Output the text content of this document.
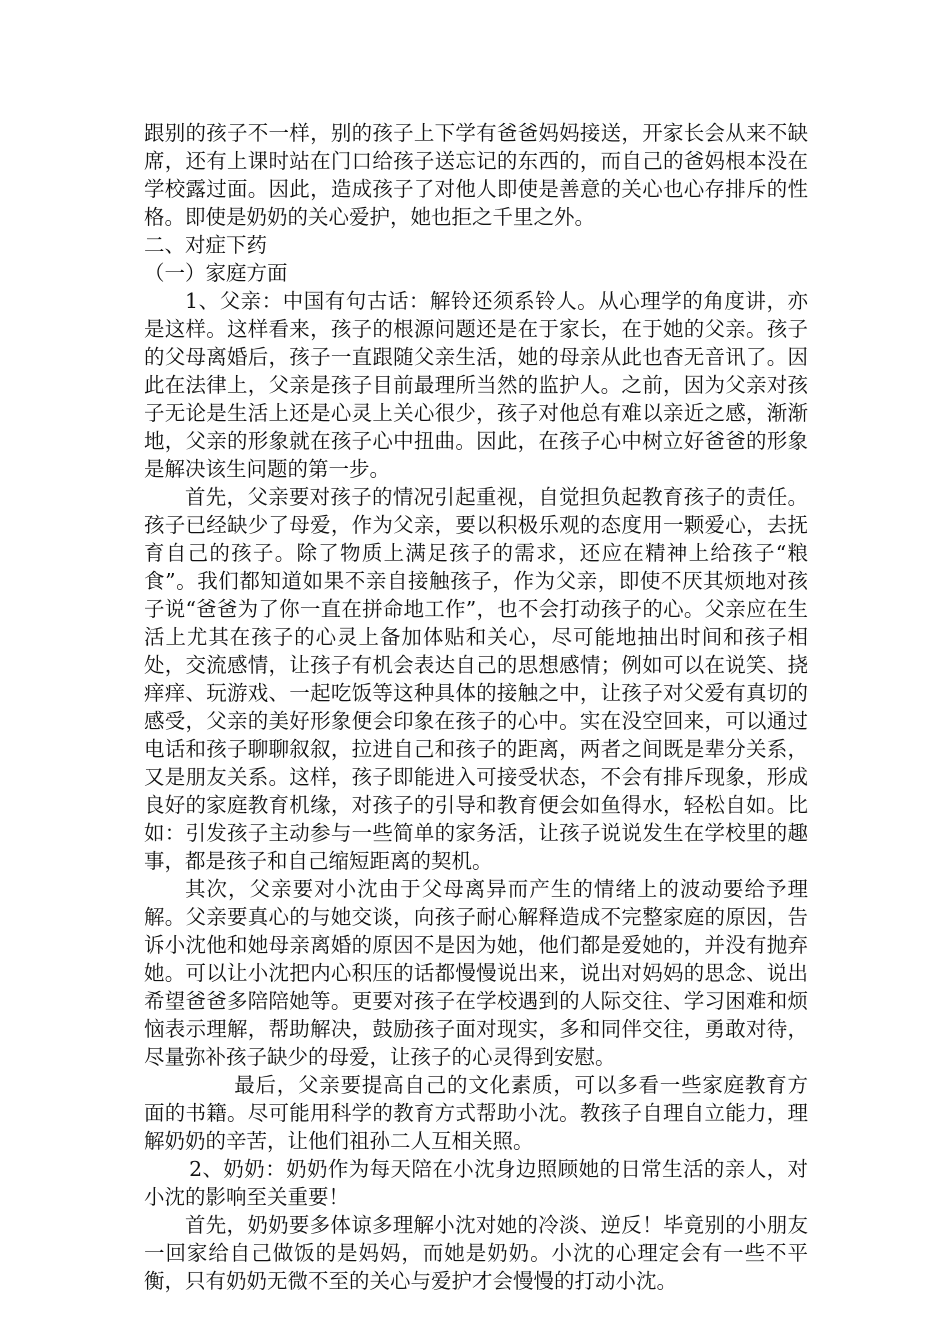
跟别的孩子不一样，别的孩子上下学有爸爸妈妈接送，开家长会从来不缺席，还有上课时站在门口给孩子送忘记的东西的，而自己的爸妈根本没在学校露过面。因此，造成孩子了对他人即使是善意的关心也心存排斥的性格。即使是奶奶的关心爱护，她也拒之千里之外。

二、对症下药

（一）家庭方面

1、父亲：中国有句古话：解铃还须系铃人。从心理学的角度讲，亦是这样。这样看来，孩子的根源问题还是在于家长，在于她的父亲。孩子的父母离婚后，孩子一直跟随父亲生活，她的母亲从此也杳无音讯了。因此在法律上，父亲是孩子目前最理所当然的监护人。之前，因为父亲对孩子无论是生活上还是心灵上关心很少，孩子对他总有难以亲近之感，渐渐地，父亲的形象就在孩子心中扭曲。因此，在孩子心中树立好爸爸的形象是解决该生问题的第一步。

首先，父亲要对孩子的情况引起重视，自觉担负起教育孩子的责任。孩子已经缺少了母爱，作为父亲，要以积极乐观的态度用一颗爱心，去抚育自己的孩子。除了物质上满足孩子的需求，还应在精神上给孩子“粮食”。我们都知道如果不亲自接触孩子，作为父亲，即使不厌其烦地对孩子说“爸爸为了你一直在拼命地工作”，也不会打动孩子的心。父亲应在生活上尤其在孩子的心灵上备加体贴和关心，尽可能地抽出时间和孩子相处，交流感情，让孩子有机会表达自己的思想感情；例如可以在说笑、挠痒痒、玩游戏、一起吃饭等这种具体的接触之中，让孩子对父爱有真切的感受，父亲的美好形象便会印象在孩子的心中。实在没空回来，可以通过电话和孩子聊聊叙叙，拉进自己和孩子的距离，两者之间既是辈分关系，又是朋友关系。这样，孩子即能进入可接受状态，不会有排斥现象，形成良好的家庭教育机缘，对孩子的引导和教育便会如鱼得水，轻松自如。比如：引发孩子主动参与一些简单的家务活，让孩子说说发生在学校里的趣事，都是孩子和自己缩短距离的契机。

其次，父亲要对小沈由于父母离异而产生的情绪上的波动要给予理解。父亲要真心的与她交谈，向孩子耐心解释造成不完整家庭的原因，告诉小沈他和她母亲离婚的原因不是因为她，他们都是爱她的，并没有抛弃她。可以让小沈把内心积压的话都慢慢说出来，说出对妈妈的思念、说出希望爸爸多陪陪她等。更要对孩子在学校遇到的人际交往、学习困难和烦恼表示理解，帮助解决，鼓励孩子面对现实，多和同伴交往，勇敢对待，尽量弥补孩子缺少的母爱，让孩子的心灵得到安慰。

最后，父亲要提高自己的文化素质，可以多看一些家庭教育方面的书籍。尽可能用科学的教育方式帮助小沈。教孩子自理自立能力，理解奶奶的辛苦，让他们祖孙二人互相关照。

2、奶奶：奶奶作为每天陪在小沈身边照顾她的日常生活的亲人，对小沈的影响至关重要！

首先，奶奶要多体谅多理解小沈对她的冷淡、逆反！毕竟别的小朋友一回家给自己做饭的是妈妈，而她是奶奶。小沈的心理定会有一些不平衡，只有奶奶无微不至的关心与爱护才会慢慢的打动小沈。
